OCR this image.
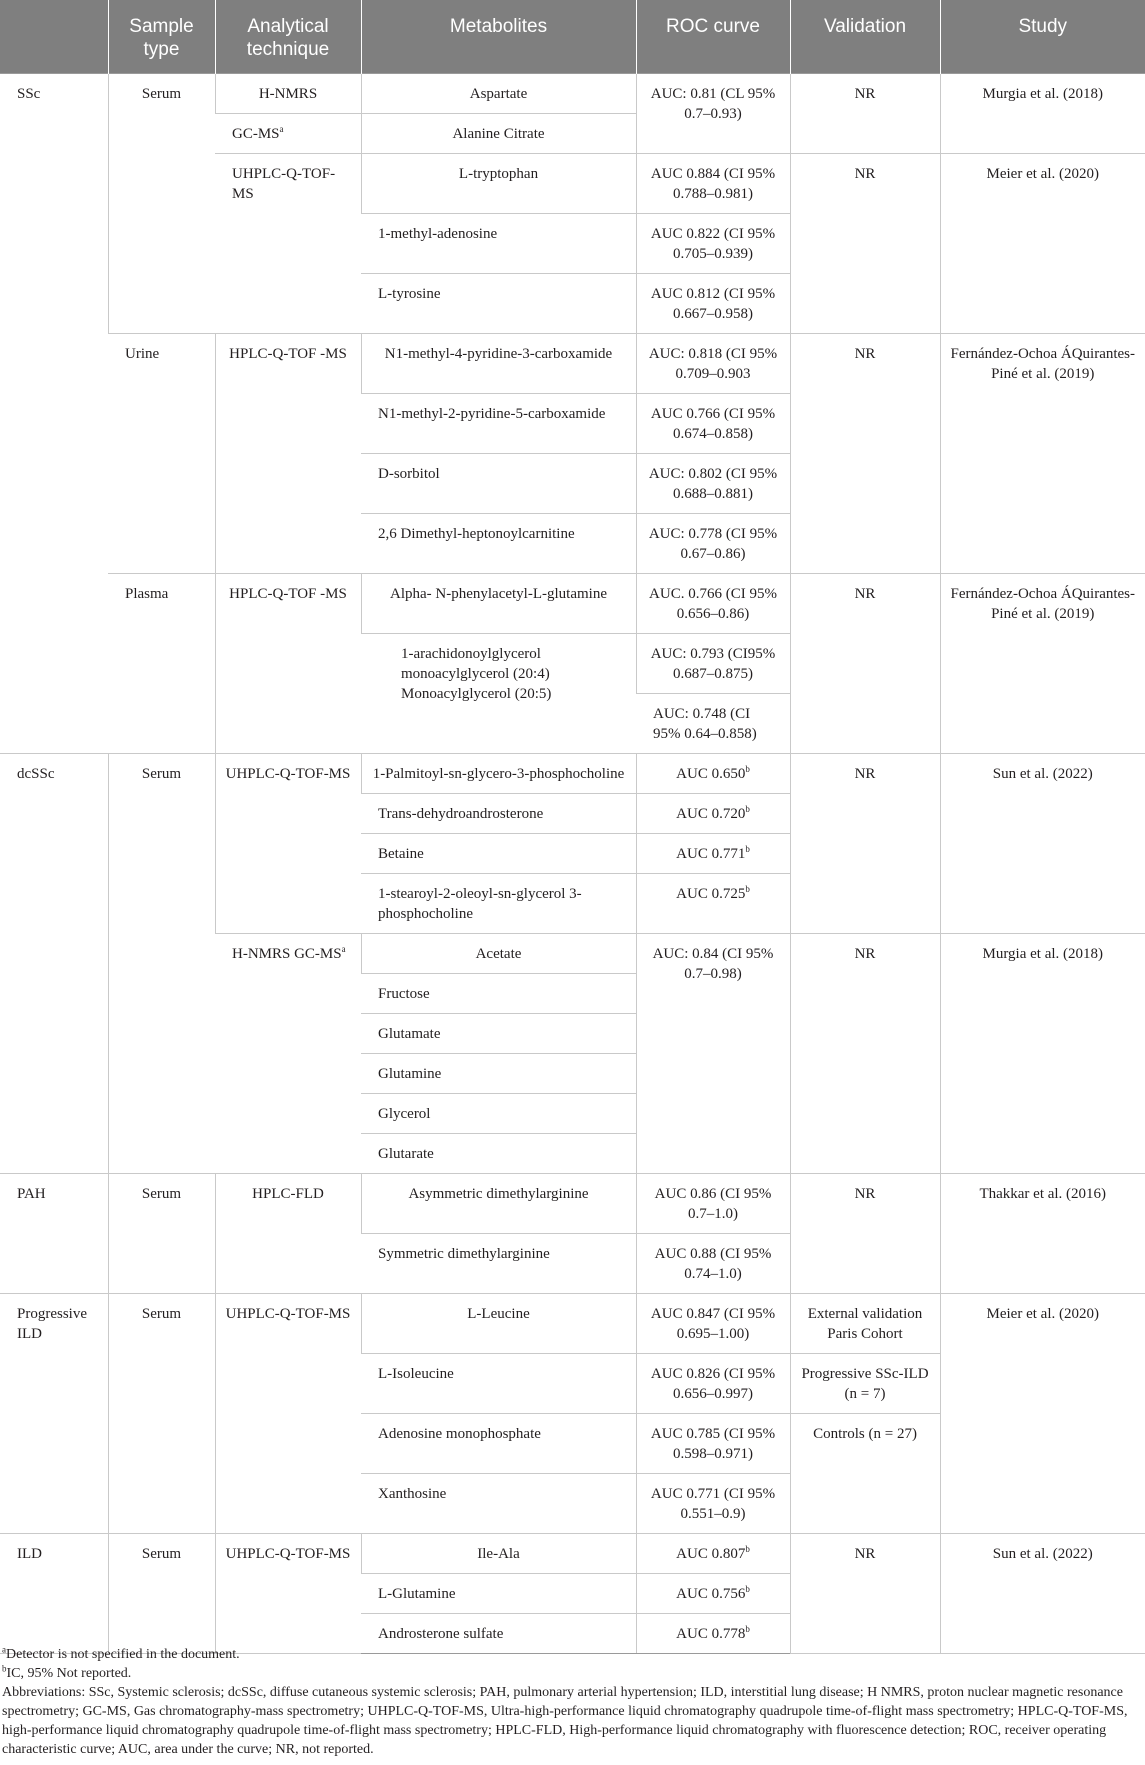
	Sample type	Analytical technique	Metabolites	ROC curve	Validation	Study
SSc	Serum	H-NMRS	Aspartate	AUC: 0.81 (CL 95% 0.7–0.93)	NR	Murgia et al. (2018)
		$GC-MS^a$	Alanine Citrate			
		UHPLC-Q-TOF-MS	L-tryptophan	AUC 0.884 (CI 95% 0.788–0.981)	NR	Meier et al. (2020)
			1-methyl-adenosine	AUC 0.822 (CI 95% 0.705–0.939)		
			L-tyrosine	AUC 0.812 (CI 95% 0.667–0.958)		
	Urine	HPLC-Q-TOF -MS	N1-methyl-4-pyridine-3-carboxamide	AUC: 0.818 (CI 95% 0.709–0.903	NR	Fernández-Ochoa ÁQuirantes-Piné et al. (2019)
			N1-methyl-2-pyridine-5-carboxamide	AUC 0.766 (CI 95% 0.674–0.858)		
			D-sorbitol	AUC: 0.802 (CI 95% 0.688–0.881)		
			2,6 Dimethyl-heptonoylcarnitine	AUC: 0.778 (CI 95% 0.67–0.86)		
	Plasma	HPLC-Q-TOF -MS	Alpha- N-phenylacetyl-L-glutamine	AUC. 0.766 (CI 95% 0.656–0.86)	NR	Fernández-Ochoa ÁQuirantes-Piné et al. (2019)
			1-arachidonoylglycerol monoacylglycerol (20:4) Monoacylglycerol (20:5)	AUC: 0.793 (CI95% 0.687–0.875)		
				AUC: 0.748 (CI 95% 0.64–0.858)		
dcSSc	Serum	UHPLC-Q-TOF-MS	1-Palmitoyl-sn-glycero-3-phosphocholine	AUC 0.650$^b$	NR	Sun et al. (2022)
			Trans-dehydroandrosterone	AUC 0.720$^b$
			Betaine	AUC 0.771$^b$
			1-stearoyl-2-oleoyl-sn-glycerol 3-phosphocholine	AUC 0.725$^b$
		H-NMRS $GC-MS^a$	Acetate	AUC: 0.84 (CI 95% 0.7–0.98)	NR	Murgia et al. (2018)
			Fructose			
			Glutamate			
			Glutamine			
			Glycerol			
			Glutarate			
PAH	Serum	HPLC-FLD	Asymmetric dimethylarginine	AUC 0.86 (CI 95% 0.7–1.0)	NR	Thakkar et al. (2016)
			Symmetric dimethylarginine	AUC 0.88 (CI 95% 0.74–1.0)		
Progressive ILD	Serum	UHPLC-Q-TOF-MS	L-Leucine	AUC 0.847 (CI 95% 0.695–1.00)	External validation Paris Cohort	Meier et al. (2020)
			L-Isoleucine	AUC 0.826 (CI 95% 0.656–0.997)	Progressive SSc-ILD (n = 7)	
			Adenosine monophosphate	AUC 0.785 (CI 95% 0.598–0.971)	Controls (n = 27)	
			Xanthosine	AUC 0.771 (CI 95% 0.551–0.9)		
ILD	Serum	UHPLC-Q-TOF-MS	Ile-Ala	AUC 0.807$^b$	NR	Sun et al. (2022)
			L-Glutamine	AUC 0.756$^b$
			Androsterone sulfate	AUC 0.778$^b$

$^a$Detector is not specified in the document.

$^b$IC, 95% Not reported.

Abbreviations: SSc, Systemic sclerosis; dcSSc, diffuse cutaneous systemic sclerosis; PAH, pulmonary arterial hypertension; ILD, interstitial lung disease; H NMRS, proton nuclear magnetic resonance spectrometry; GC-MS, Gas chromatography-mass spectrometry; UHPLC-Q-TOF-MS, Ultra-high-performance liquid chromatography quadrupole time-of-flight mass spectrometry; HPLC-Q-TOF-MS, high-performance liquid chromatography quadrupole time-of-flight mass spectrometry; HPLC-FLD, High-performance liquid chromatography with fluorescence detection; ROC, receiver operating characteristic curve; AUC, area under the curve; NR, not reported.
